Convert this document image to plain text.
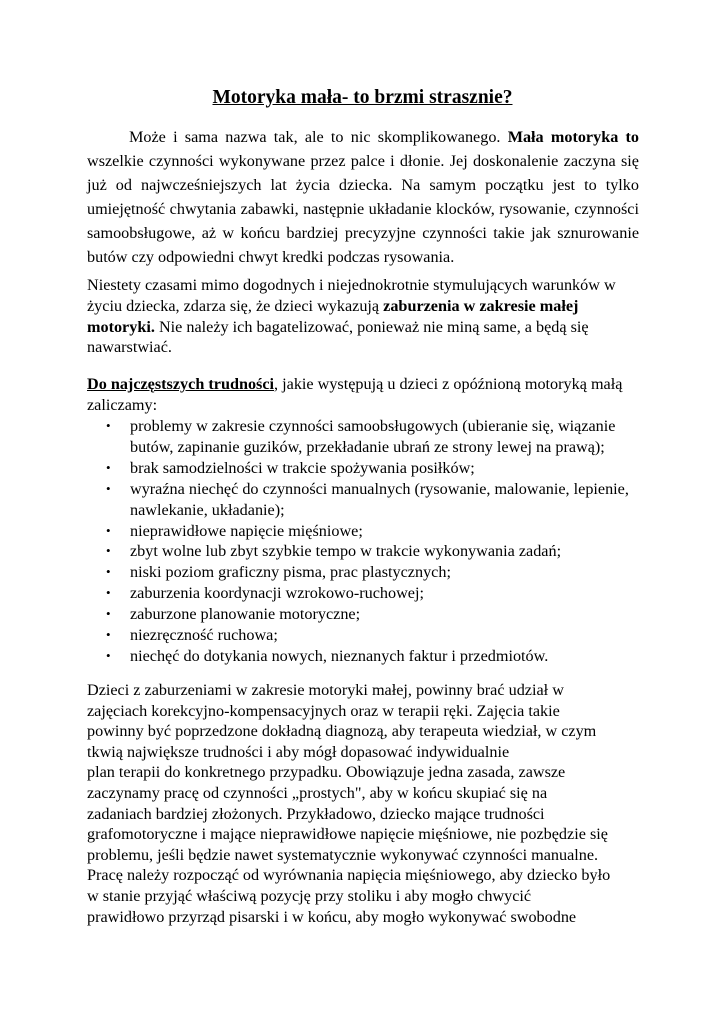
Motoryka mała- to brzmi strasznie?

Może i sama nazwa tak, ale to nic skomplikowanego. Mała motoryka to wszelkie czynności wykonywane przez palce i dłonie. Jej doskonalenie zaczyna się już od najwcześniejszych lat życia dziecka. Na samym początku jest to tylko umiejętność chwytania zabawki, następnie układanie klocków, rysowanie, czynności samoobsługowe, aż w końcu bardziej precyzyjne czynności takie jak sznurowanie butów czy odpowiedni chwyt kredki podczas rysowania.

Niestety czasami mimo dogodnych i niejednokrotnie stymulujących warunków w życiu dziecka, zdarza się, że dzieci wykazują zaburzenia w zakresie małej motoryki. Nie należy ich bagatelizować, ponieważ nie miną same, a będą się nawarstwiać.

Do najczęstszych trudności, jakie występują u dzieci z opóźnioną motoryką małą zaliczamy:

• problemy w zakresie czynności samoobsługowych (ubieranie się, wiązanie butów, zapinanie guzików, przekładanie ubrań ze strony lewej na prawą);
• brak samodzielności w trakcie spożywania posiłków;
• wyraźna niechęć do czynności manualnych (rysowanie, malowanie, lepienie, nawlekanie, układanie);
• nieprawidłowe napięcie mięśniowe;
• zbyt wolne lub zbyt szybkie tempo w trakcie wykonywania zadań;
• niski poziom graficzny pisma, prac plastycznych;
• zaburzenia koordynacji wzrokowo-ruchowej;
• zaburzone planowanie motoryczne;
• niezręczność ruchowa;
• niechęć do dotykania nowych, nieznanych faktur i przedmiotów.

Dzieci z zaburzeniami w zakresie motoryki małej, powinny brać udział w
zajęciach korekcyjno-kompensacyjnych oraz w terapii ręki. Zajęcia takie
powinny być poprzedzone dokładną diagnozą, aby terapeuta wiedział, w czym
tkwią największe trudności i aby mógł dopasować indywidualnie
plan terapii do konkretnego przypadku. Obowiązuje jedna zasada, zawsze
zaczynamy pracę od czynności „prostych", aby w końcu skupiać się na
zadaniach bardziej złożonych. Przykładowo, dziecko mające trudności
grafomotoryczne i mające nieprawidłowe napięcie mięśniowe, nie pozbędzie się
problemu, jeśli będzie nawet systematycznie wykonywać czynności manualne.
Pracę należy rozpocząć od wyrównania napięcia mięśniowego, aby dziecko było
w stanie przyjąć właściwą pozycję przy stoliku i aby mogło chwycić
prawidłowo przyrząd pisarski i w końcu, aby mogło wykonywać swobodne
